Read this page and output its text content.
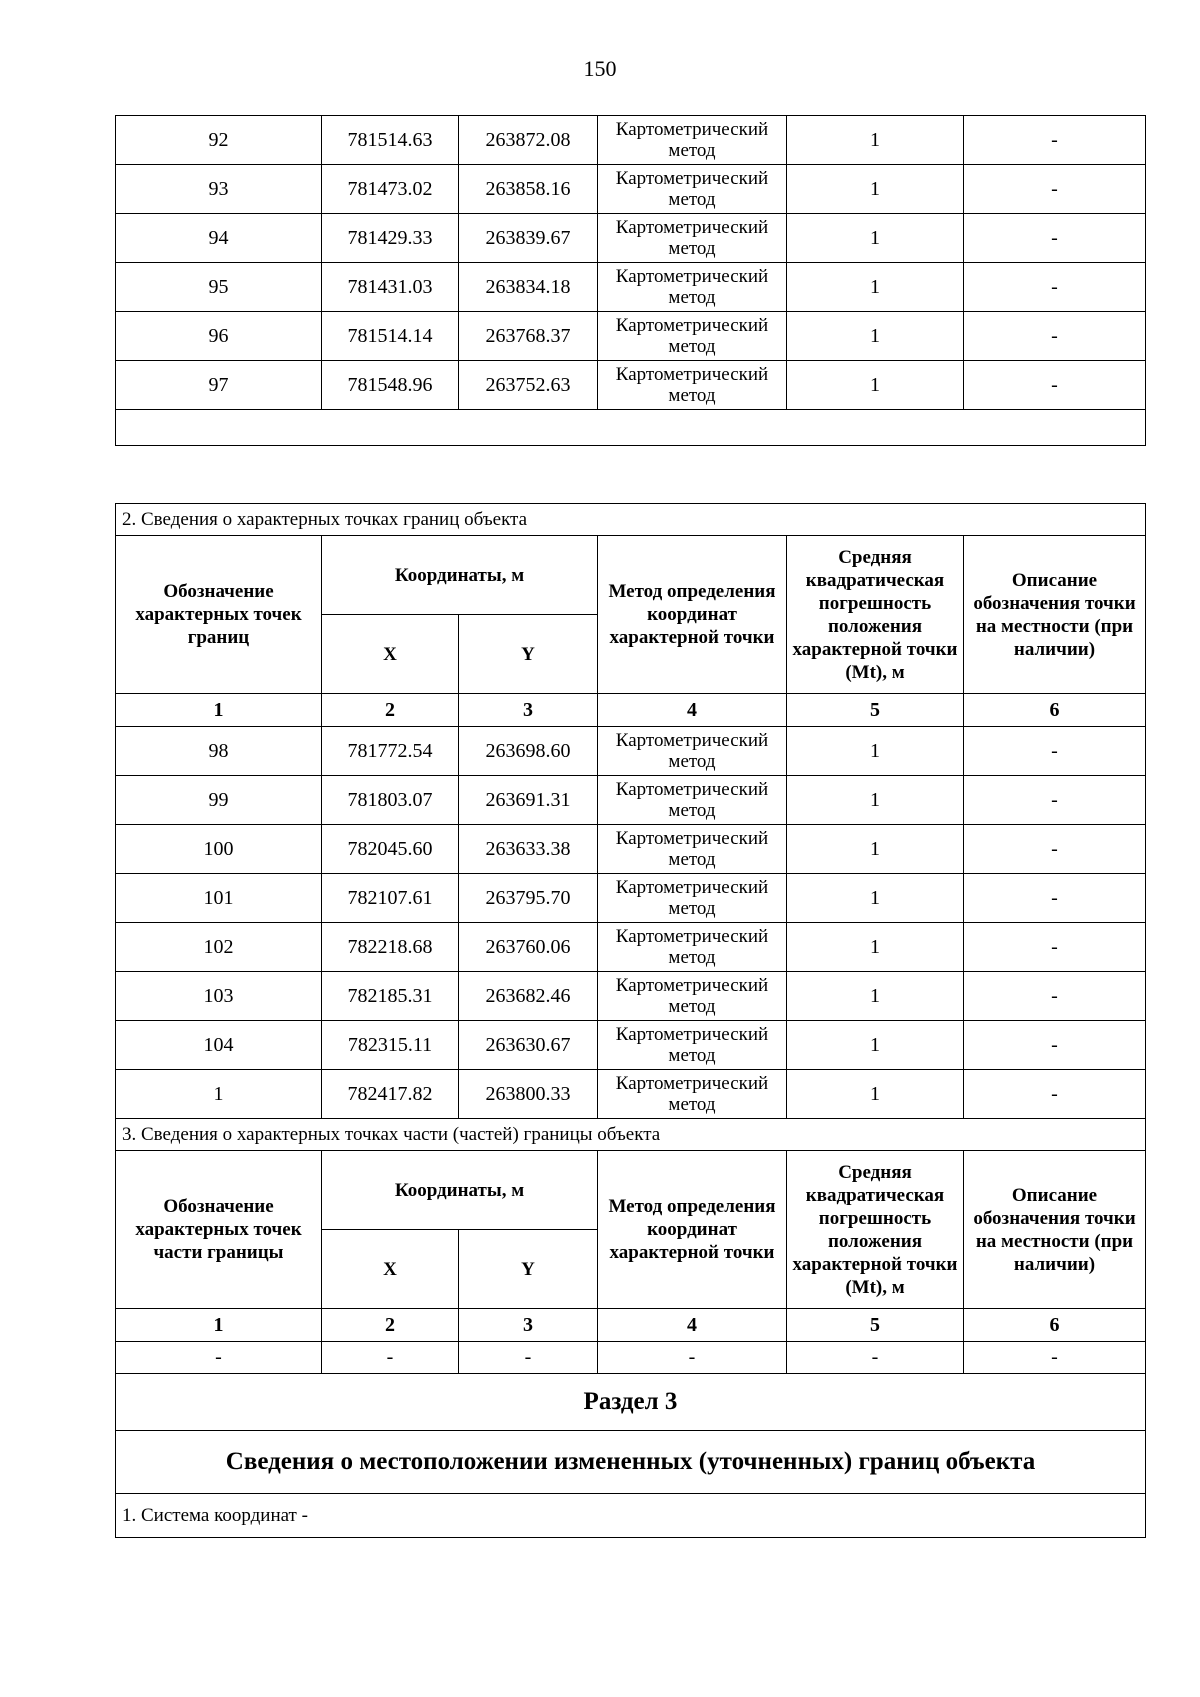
150
92	781514.63	263872.08	Картометрический метод	1	-
93	781473.02	263858.16	Картометрический метод	1	-
94	781429.33	263839.67	Картометрический метод	1	-
95	781431.03	263834.18	Картометрический метод	1	-
96	781514.14	263768.37	Картометрический метод	1	-
97	781548.96	263752.63	Картометрический метод	1	-

2. Сведения о характерных точках границ объекта					
Обозначение характерных точек границ	Координаты, м		Метод определения координат характерной точки	Средняя квадратическая погрешность положения характерной точки (Mt), м	Описание обозначения точки на местности (при наличии)
	X	Y			
1	2	3	4	5	6
98	781772.54	263698.60	Картометрический метод	1	-
99	781803.07	263691.31	Картометрический метод	1	-
100	782045.60	263633.38	Картометрический метод	1	-
101	782107.61	263795.70	Картометрический метод	1	-
102	782218.68	263760.06	Картометрический метод	1	-
103	782185.31	263682.46	Картометрический метод	1	-
104	782315.11	263630.67	Картометрический метод	1	-
1	782417.82	263800.33	Картометрический метод	1	-
3. Сведения о характерных точках части (частей) границы объекта					
Обозначение характерных точек части границы	Координаты, м		Метод определения координат характерной точки	Средняя квадратическая погрешность положения характерной точки (Mt), м	Описание обозначения точки на местности (при наличии)
	X	Y			
1	2	3	4	5	6
-	-	-	-	-	-
Раздел 3					
Сведения о местоположении измененных (уточненных) границ объекта					
1. Система координат -					
